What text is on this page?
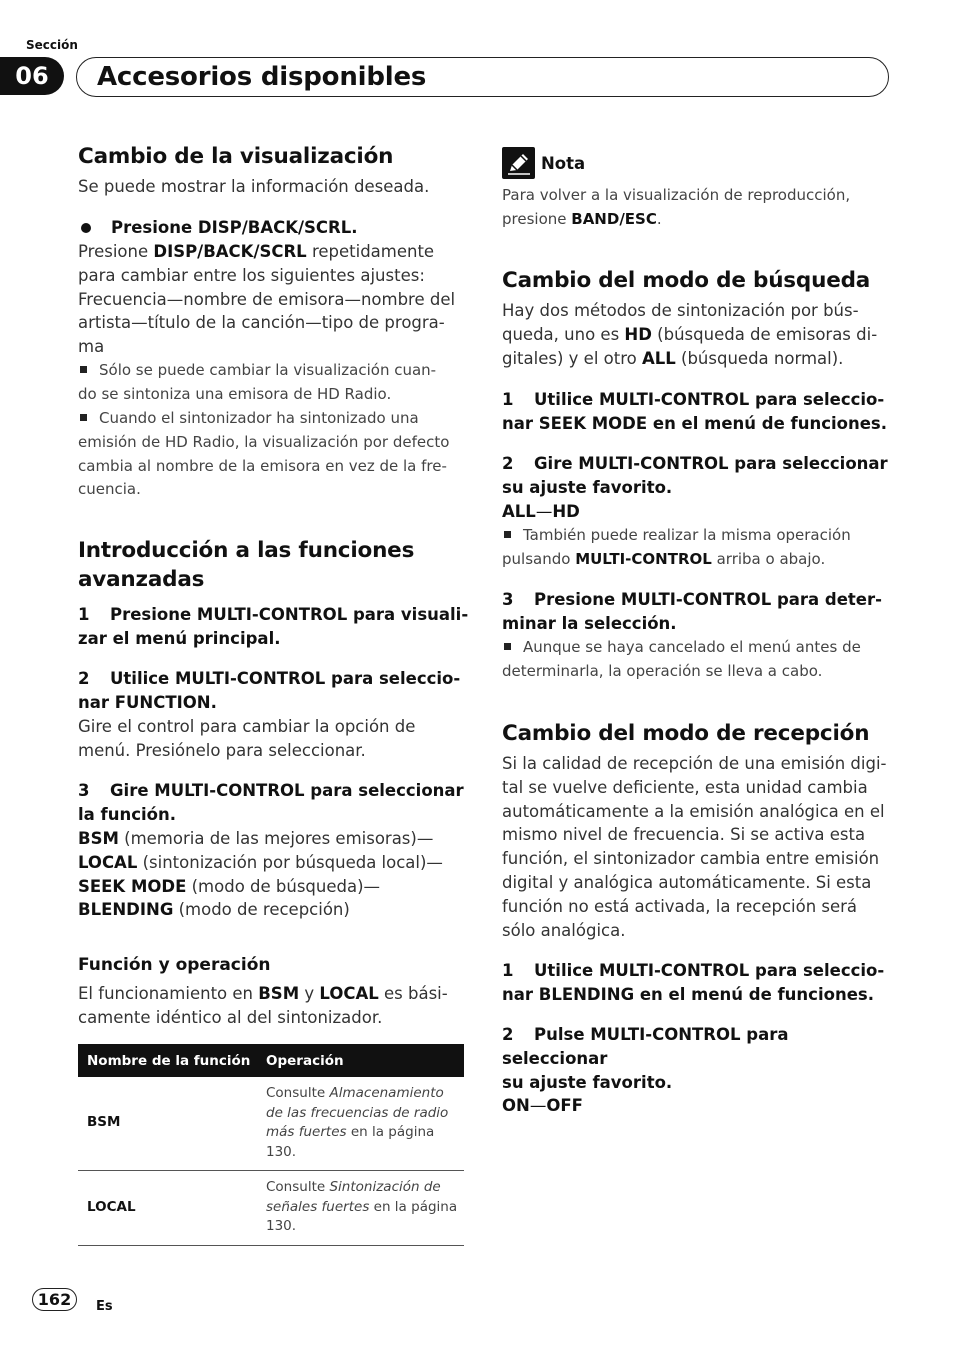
Sección
06	Accesorios disponibles
Cambio de la visualización
Se puede mostrar la información deseada.
Presione DISP/BACK/SCRL.
Presione DISP/BACK/SCRL repetidamente
para cambiar entre los siguientes ajustes:
Frecuencia—nombre de emisora—nombre del
artista—título de la canción—tipo de progra-
ma
Sólo se puede cambiar la visualización cuan-
do se sintoniza una emisora de HD Radio.
Cuando el sintonizador ha sintonizado una
emisión de HD Radio, la visualización por defecto
cambia al nombre de la emisora en vez de la fre-
cuencia.
Introducción a las funciones
avanzadas
1 Presione MULTI-CONTROL para visuali-
zar el menú principal.
2 Utilice MULTI-CONTROL para seleccio-
nar FUNCTION.
Gire el control para cambiar la opción de
menú. Presiónelo para seleccionar.
3 Gire MULTI-CONTROL para seleccionar
la función.
BSM (memoria de las mejores emisoras)—
LOCAL (sintonización por búsqueda local)—
SEEK MODE (modo de búsqueda)—
BLENDING (modo de recepción)
Función y operación
El funcionamiento en BSM y LOCAL es bási-
camente idéntico al del sintonizador.
Nombre de la función	Operación
BSM	Consulte Almacenamiento
de las frecuencias de radio
más fuertes en la página
130.
LOCAL	Consulte Sintonización de
señales fuertes en la página
130.
Nota
Para volver a la visualización de reproducción,
presione BAND/ESC.
Cambio del modo de búsqueda
Hay dos métodos de sintonización por bús-
queda, uno es HD (búsqueda de emisoras di-
gitales) y el otro ALL (búsqueda normal).
1 Utilice MULTI-CONTROL para seleccio-
nar SEEK MODE en el menú de funciones.
2 Gire MULTI-CONTROL para seleccionar
su ajuste favorito.
ALL—HD
También puede realizar la misma operación
pulsando MULTI-CONTROL arriba o abajo.
3 Presione MULTI-CONTROL para deter-
minar la selección.
Aunque se haya cancelado el menú antes de
determinarla, la operación se lleva a cabo.
Cambio del modo de recepción
Si la calidad de recepción de una emisión digi-
tal se vuelve deficiente, esta unidad cambia
automáticamente a la emisión analógica en el
mismo nivel de frecuencia. Si se activa esta
función, el sintonizador cambia entre emisión
digital y analógica automáticamente. Si esta
función no está activada, la recepción será
sólo analógica.
1 Utilice MULTI-CONTROL para seleccio-
nar BLENDING en el menú de funciones.
2 Pulse MULTI-CONTROL para seleccionar
su ajuste favorito.
ON—OFF
162	Es
